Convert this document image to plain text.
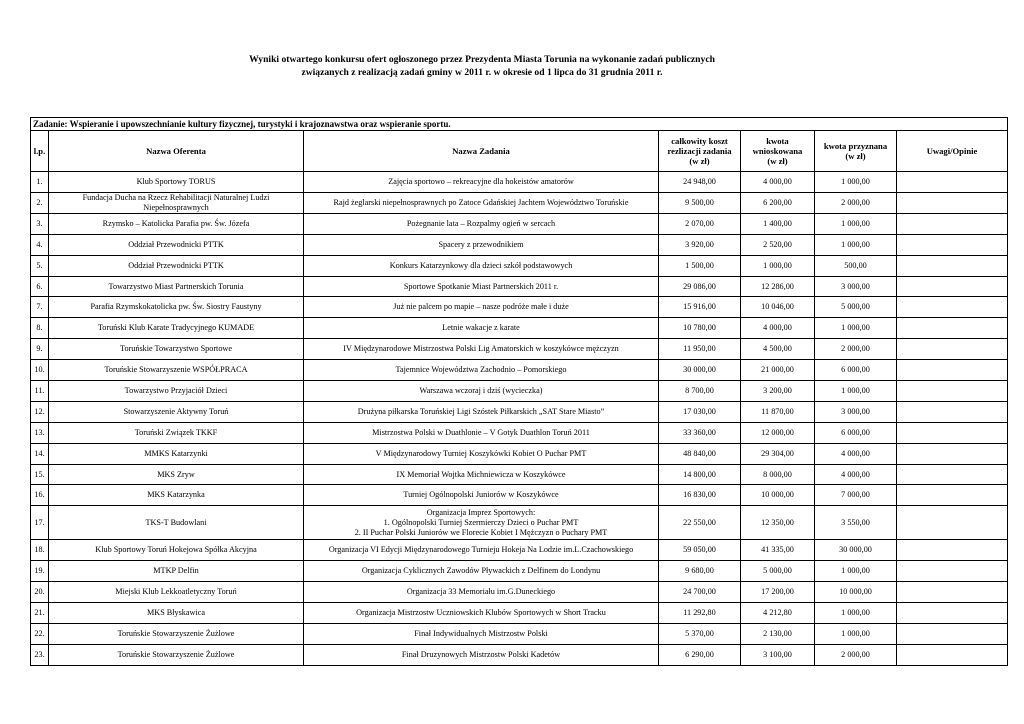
Wyniki otwartego konkursu ofert ogłoszonego przez Prezydenta Miasta Torunia na wykonanie zadań publicznych
związanych z realizacją zadań gminy w 2011 r. w okresie od 1 lipca do 31 grudnia 2011 r.
Zadanie: Wspieranie i upowszechnianie kultury fizycznej, turystyki i krajoznawstwa oraz wspieranie sportu.						
l.p.	Nazwa Oferenta	Nazwa Zadania	całkowity koszt
rezlizacji zadania
(w zł)	kwota
wnioskowana
(w zł)	kwota przyznana
(w zł)	Uwagi/Opinie
1.	Klub Sportowy TORUS	Zajęcia sportowo – rekreacyjne dla hokeistów amatorów	24 948,00	4 000,00	1 000,00	
2.	Fundacja Ducha na Rzecz Rehabilitacji Naturalnej Ludzi Niepełnosprawnych	Rajd żeglarski niepełnosprawnych po Zatoce Gdańskiej Jachtem Województwo Toruńskie	9 500,00	6 200,00	2 000,00	
3.	Rzymsko – Katolicka Parafia pw. Św. Józefa	Pożegnanie lata – Rozpalmy ogień w sercach	2 070,00	1 400,00	1 000,00	
4.	Oddział Przewodnicki PTTK	Spacery z przewodnikiem	3 920,00	2 520,00	1 000,00	
5.	Oddział Przewodnicki PTTK	Konkurs Katarzynkowy dla dzieci szkół podstawowych	1 500,00	1 000,00	500,00	
6.	Towarzystwo Miast Partnerskich Torunia	Sportowe Spotkanie Miast Partnerskich 2011 r.	29 086,00	12 286,00	3 000,00	
7.	Parafia Rzymskokatolicka pw. Św. Siostry Faustyny	Już nie palcem po mapie – nasze podróże małe i duże	15 916,00	10 046,00	5 000,00	
8.	Toruński Klub Karate Tradycyjnego KUMADE	Letnie wakacje z karate	10 780,00	4 000,00	1 000,00	
9.	Toruńskie Towarzystwo Sportowe	IV Międzynarodowe Mistrzostwa Polski Lig Amatorskich w koszykówce mężczyzn	11 950,00	4 500,00	2 000,00	
10.	Toruńskie Stowarzyszenie WSPÓŁPRACA	Tajemnice Województwa Zachodnio – Pomorskiego	30 000,00	21 000,00	6 000,00	
11.	Towarzystwo Przyjaciół Dzieci	Warszawa wczoraj i dziś (wycieczka)	8 700,00	3 200,00	1 000,00	
12.	Stowarzyszenie Aktywny Toruń	Drużyna piłkarska Toruńskiej Ligi Szóstek Piłkarskich „SAT Stare Miasto”	17 030,00	11 870,00	3 000,00	
13.	Toruński Związek TKKF	Mistrzostwa Polski w Duathlonie – V Gotyk Duathlon Toruń 2011	33 360,00	12 000,00	6 000,00	
14.	MMKS Katarzynki	V Międzynarodowy Turniej Koszykówki Kobiet O Puchar PMT	48 840,00	29 304,00	4 000,00	
15.	MKS Zryw	IX Memoriał Wojtka Michniewicza w Koszykówce	14 800,00	8 000,00	4 000,00	
16.	MKS Katarzynka	Turniej Ogólnopolski Juniorów w Koszykówce	16 830,00	10 000,00	7 000,00	
17.	TKS-T Budowlani	Organizacja Imprez Sportowych:
1. Ogólnopolski Turniej Szermierczy Dzieci o Puchar PMT
2. II Puchar Polski Juniorów we Florecie Kobiet I Mężczyzn o Puchary PMT	22 550,00	12 350,00	3 550,00	
18.	Klub Sportowy Toruń Hokejowa Spółka Akcyjna	Organizacja VI Edycji Międzynarodowego Turnieju Hokeja Na Lodzie im.L.Czachowskiego	59 050,00	41 335,00	30 000,00	
19.	MTKP Delfin	Organizacja Cyklicznych Zawodów Pływackich z Delfinem do Londynu	9 680,00	5 000,00	1 000,00	
20.	Miejski Klub Lekkoatletyczny Toruń	Organizacja 33 Memoriału im.G.Duneckiego	24 700,00	17 200,00	10 000,00	
21.	MKS Błyskawica	Organizacja Mistrzostw Uczniowskich Klubów Sportowych w Short Tracku	11 292,80	4 212,80	1 000,00	
22.	Toruńskie Stowarzyszenie Żużlowe	Finał Indywidualnych Mistrzostw Polski	5 370,00	2 130,00	1 000,00	
23.	Toruńskie Stowarzyszenie Żużlowe	Finał Druzynowych Mistrzostw Polski Kadetów	6 290,00	3 100,00	2 000,00	
